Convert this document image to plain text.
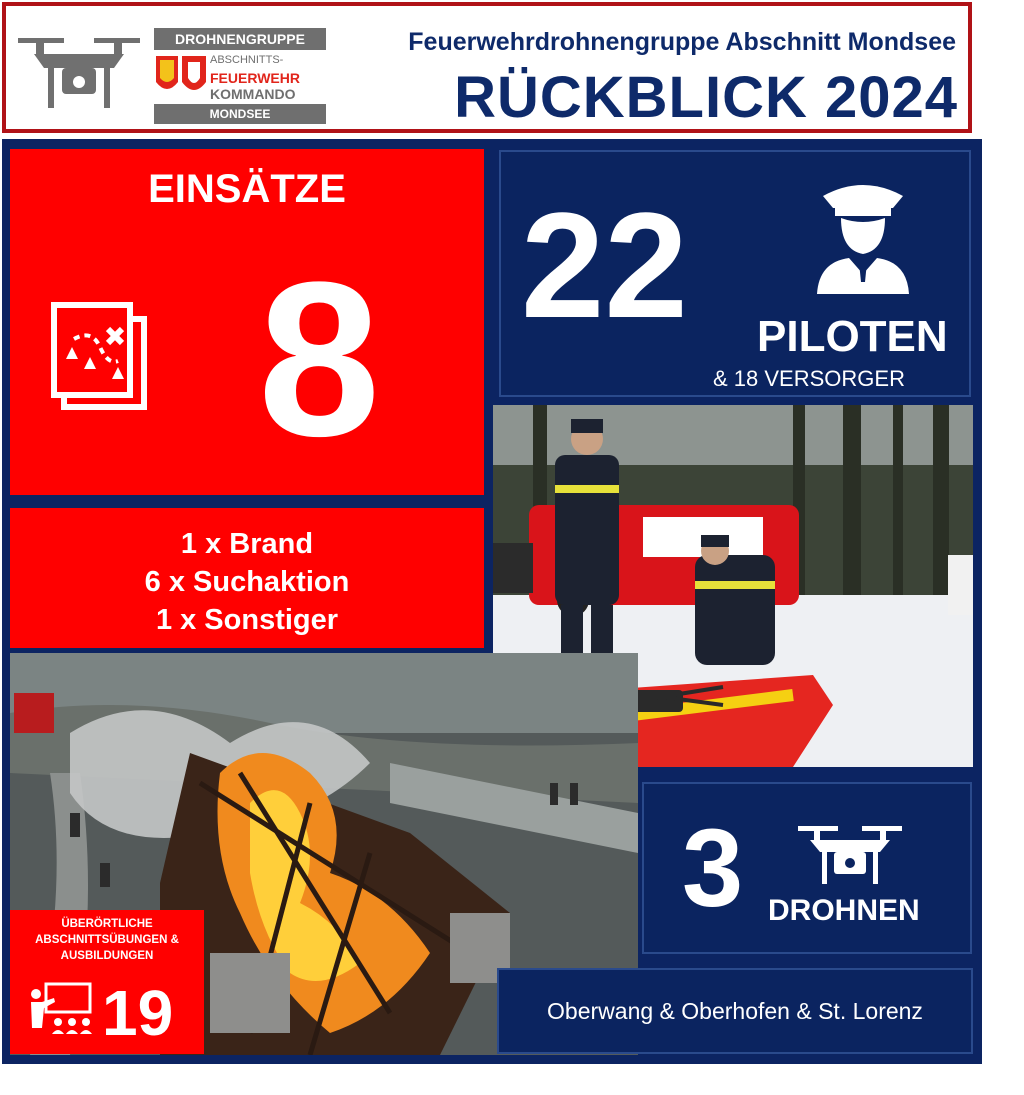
DROHNENGRUPPE
ABSCHNITTS-
FEUERWEHR
KOMMANDO
MONDSEE
Feuerwehrdrohnengruppe Abschnitt Mondsee
RÜCKBLICK 2024
EINSÄTZE
8
1 x Brand
6 x Suchaktion
1 x Sonstiger
22 PILOTEN
& 18 VERSORGER
3 DROHNEN
Oberwang & Oberhofen & St. Lorenz
ÜBERÖRTLICHE ABSCHNITTSÜBUNGEN & AUSBILDUNGEN
19
